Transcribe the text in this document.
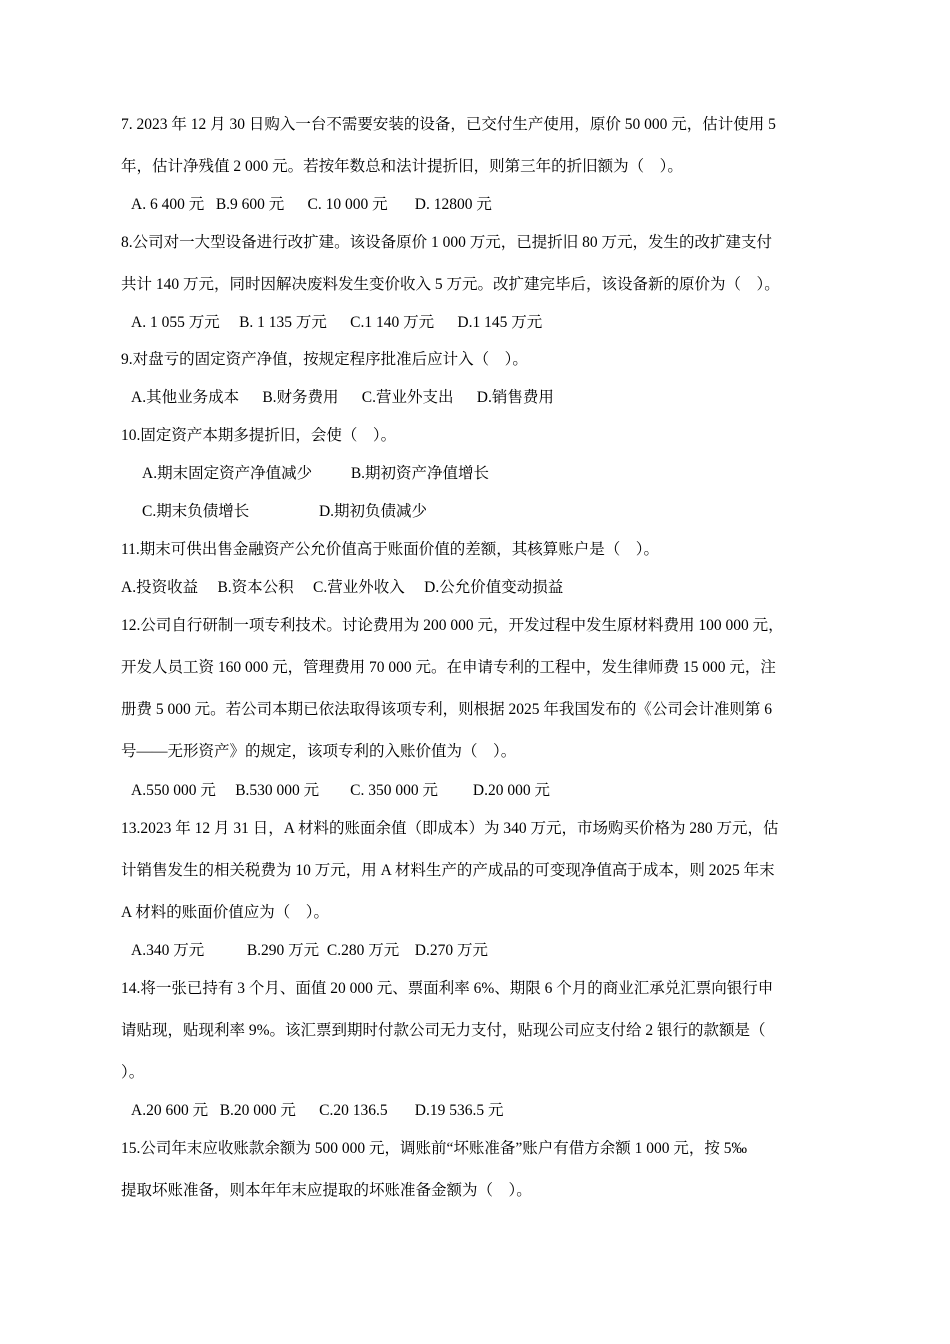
7. 2023 年 12 月 30 日购入一台不需要安装的设备，已交付生产使用，原价 50 000 元，估计使用 5
年，估计净残值 2 000 元。若按年数总和法计提折旧，则第三年的折旧额为（    ）。
A. 6 400 元   B.9 600 元      C. 10 000 元       D. 12800 元
8.公司对一大型设备进行改扩建。该设备原价 1 000 万元，已提折旧 80 万元，发生的改扩建支付
共计 140 万元，同时因解决废料发生变价收入 5 万元。改扩建完毕后，该设备新的原价为（    ）。
A. 1 055 万元     B. 1 135 万元      C.1 140 万元      D.1 145 万元
9.对盘亏的固定资产净值，按规定程序批准后应计入（    ）。
A.其他业务成本      B.财务费用      C.营业外支出      D.销售费用
10.固定资产本期多提折旧，会使（    ）。
A.期末固定资产净值减少          B.期初资产净值增长
C.期末负债增长                  D.期初负债减少
11.期末可供出售金融资产公允价值高于账面价值的差额，其核算账户是（    ）。
A.投资收益     B.资本公积     C.营业外收入     D.公允价值变动损益
12.公司自行研制一项专利技术。讨论费用为 200 000 元，开发过程中发生原材料费用 100 000 元，
开发人员工资 160 000 元，管理费用 70 000 元。在申请专利的工程中，发生律师费 15 000 元，注
册费 5 000 元。若公司本期已依法取得该项专利，则根据 2025 年我国发布的《公司会计准则第 6
号——无形资产》的规定，该项专利的入账价值为（    ）。
A.550 000 元     B.530 000 元        C. 350 000 元         D.20 000 元
13.2023 年 12 月 31 日，A 材料的账面余值（即成本）为 340 万元，市场购买价格为 280 万元，估
计销售发生的相关税费为 10 万元，用 A 材料生产的产成品的可变现净值高于成本，则 2025 年末
A 材料的账面价值应为（    ）。
A.340 万元           B.290 万元  C.280 万元    D.270 万元
14.将一张已持有 3 个月、面值 20 000 元、票面利率 6%、期限 6 个月的商业汇承兑汇票向银行申
请贴现，贴现利率 9%。该汇票到期时付款公司无力支付，贴现公司应支付给 2 银行的款额是（
）。
A.20 600 元   B.20 000 元      C.20 136.5       D.19 536.5 元
15.公司年末应收账款余额为 500 000 元，调账前“坏账准备”账户有借方余额 1 000 元，按 5‰
提取坏账准备，则本年年末应提取的坏账准备金额为（    ）。
